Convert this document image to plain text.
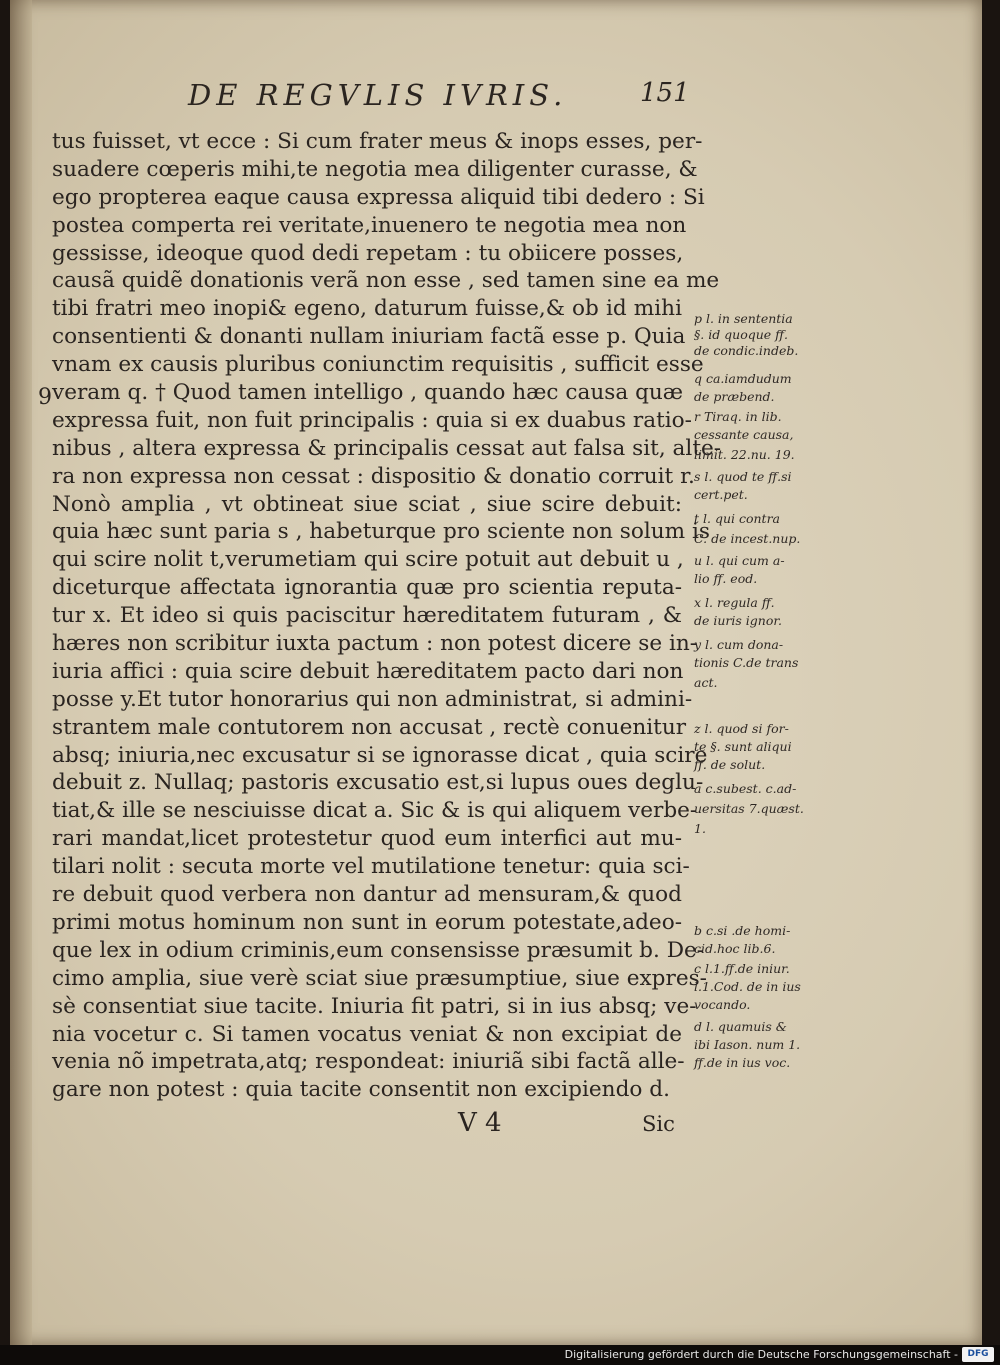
DE REGVLIS IVRIS.	151
tus fuisset, vt ecce : Si cum frater meus & inops esses, per-
suadere cœperis mihi,te negotia mea diligenter curasse, &
ego propterea eaque causa expressa aliquid tibi dedero : Si
postea comperta rei veritate,inuenero te negotia mea non
gessisse, ideoque quod dedi repetam : tu obiicere posses,
causã quidẽ donationis verã non esse , sed tamen sine ea me
tibi fratri meo inopi& egeno, daturum fuisse,& ob id mihi
consentienti & donanti nullam iniuriam factã esse p. Quia
vnam ex causis pluribus coniunctim requisitis , sufficit esse
veram q. † Quod tamen intelligo , quando hæc causa quæ
expressa fuit, non fuit principalis : quia si ex duabus ratio-
nibus , altera expressa & principalis cessat aut falsa sit, alte-
ra non expressa non cessat : dispositio & donatio corruit r.
Nonò amplia , vt obtineat siue sciat , siue scire debuit:
quia hæc sunt paria s , habeturque pro sciente non solum is
qui scire nolit t,verumetiam qui scire potuit aut debuit u ,
diceturque affectata ignorantia quæ pro scientia reputa-
tur x. Et ideo si quis paciscitur hæreditatem futuram , &
hæres non scribitur iuxta pactum : non potest dicere se in-
iuria affici : quia scire debuit hæreditatem pacto dari non
posse y.Et tutor honorarius qui non administrat, si admini-
strantem male contutorem non accusat , rectè conuenitur
absq; iniuria,nec excusatur si se ignorasse dicat , quia scire
debuit z. Nullaq; pastoris excusatio est,si lupus oues deglu-
tiat,& ille se nesciuisse dicat a. Sic & is qui aliquem verbe-
rari mandat,licet protestetur quod eum interfici aut mu-
tilari nolit : secuta morte vel mutilatione tenetur: quia sci-
re debuit quod verbera non dantur ad mensuram,& quod
primi motus hominum non sunt in eorum potestate,adeo-
que lex in odium criminis,eum consensisse præsumit b. De-
cimo amplia, siue verè sciat siue præsumptiue, siue expres-
sè consentiat siue tacite. Iniuria fit patri, si in ius absq; ve-
nia vocetur c. Si tamen vocatus veniat & non excipiat de
venia nõ impetrata,atq; respondeat: iniuriã sibi factã alle-
gare non potest : quia tacite consentit non excipiendo d.
9
p l. in sententia
§. id quoque ff.
de condic.indeb.
q ca.iamdudum
de præbend.
r Tiraq. in lib.
cessante causa,
limit. 22.nu. 19.
s l. quod te ff.si
cert.pet.
t l. qui contra
C. de incest.nup.
u l. qui cum a-
lio ff. eod.
x l. regula ff.
de iuris ignor.
y l. cum dona-
tionis C.de trans
act.
z l. quod si for-
te §. sunt aliqui
ff. de solut.
a c.subest. c.ad-
uersitas 7.quæst.
1.
b c.si .de homi-
cid.hoc lib.6.
c l.1.ff.de iniur.
l.1.Cod. de in ius
vocando.
d l. quamuis &
ibi Iason. num 1.
ff.de in ius voc.
V 4	Sic
Digitalisierung gefördert durch die Deutsche Forschungsgemeinschaft -	DFG
